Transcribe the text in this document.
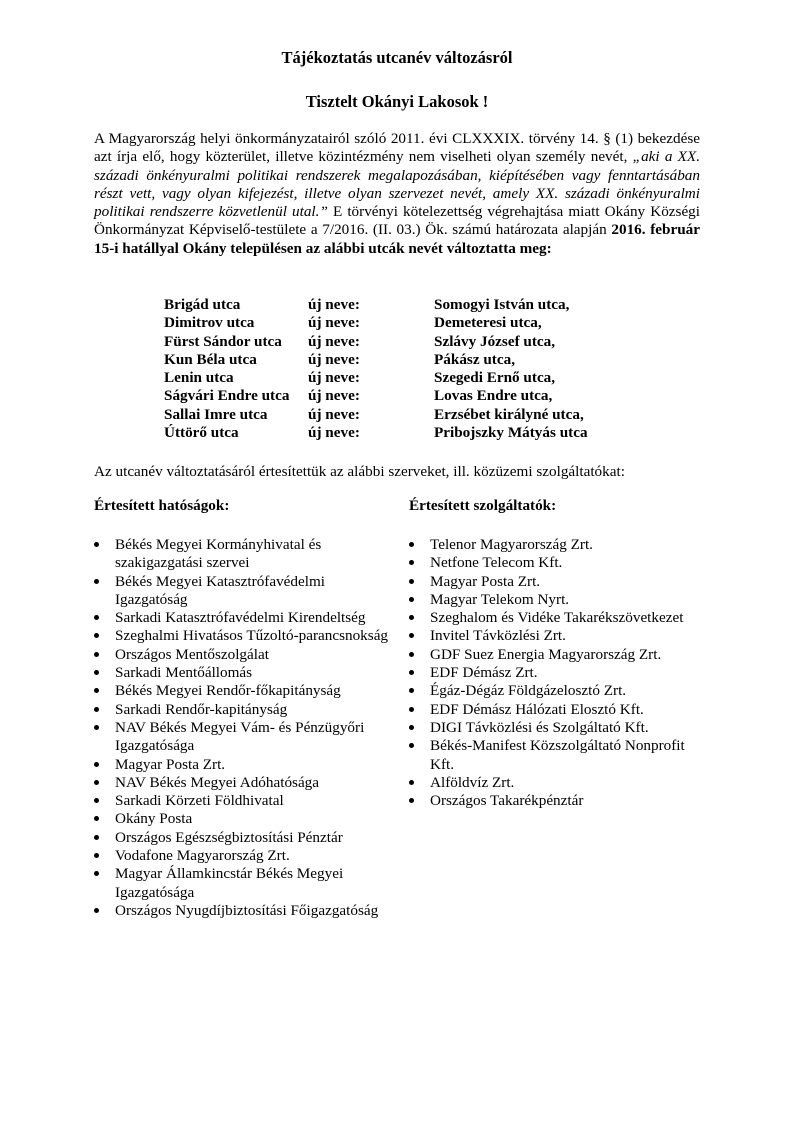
Tájékoztatás utcanév változásról
Tisztelt Okányi Lakosok !

A Magyarország helyi önkormányzatairól szóló 2011. évi CLXXXIX. törvény 14. § (1) bekezdése azt írja elő, hogy közterület, illetve közintézmény nem viselheti olyan személy nevét, „aki a XX. századi önkényuralmi politikai rendszerek megalapozásában, kiépítésében vagy fenntartásában részt vett, vagy olyan kifejezést, illetve olyan szervezet nevét, amely XX. századi önkényuralmi politikai rendszerre közvetlenül utal.” E törvényi kötelezettség végrehajtása miatt Okány Községi Önkormányzat Képviselő-testülete a 7/2016. (II. 03.) Ök. számú határozata alapján 2016. február 15-i hatállyal Okány településen az alábbi utcák nevét változtatta meg:

Brigád utca	új neve:	Somogyi István utca,
Dimitrov utca	új neve:	Demeteresi utca,
Fürst Sándor utca	új neve:	Szlávy József utca,
Kun Béla utca	új neve:	Pákász utca,
Lenin utca	új neve:	Szegedi Ernő utca,
Ságvári Endre utca	új neve:	Lovas Endre utca,
Sallai Imre utca	új neve:	Erzsébet királyné utca,
Úttörő utca	új neve:	Pribojszky Mátyás utca

Az utcanév változtatásáról értesítettük az alábbi szerveket, ill. közüzemi szolgáltatókat:

Értesített hatóságok:	Értesített szolgáltatók:

Békés Megyei Kormányhivatal és szakigazgatási szervei
Békés Megyei Katasztrófavédelmi Igazgatóság
Sarkadi Katasztrófavédelmi Kirendeltség
Szeghalmi Hivatásos Tűzoltó-parancsnokság
Országos Mentőszolgálat
Sarkadi Mentőállomás
Békés Megyei Rendőr-főkapitányság
Sarkadi Rendőr-kapitányság
NAV Békés Megyei Vám- és Pénzügyőri Igazgatósága
Magyar Posta Zrt.
NAV Békés Megyei Adóhatósága
Sarkadi Körzeti Földhivatal
Okány Posta
Országos Egészségbiztosítási Pénztár
Vodafone Magyarország Zrt.
Magyar Államkincstár Békés Megyei Igazgatósága
Országos Nyugdíjbiztosítási Főigazgatóság
Telenor Magyarország Zrt.
Netfone Telecom Kft.
Magyar Posta Zrt.
Magyar Telekom Nyrt.
Szeghalom és Vidéke Takarékszövetkezet
Invitel Távközlési Zrt.
GDF Suez Energia Magyarország Zrt.
EDF Démász Zrt.
Égáz-Dégáz Földgázelosztó Zrt.
EDF Démász Hálózati Elosztó Kft.
DIGI Távközlési és Szolgáltató Kft.
Békés-Manifest Közszolgáltató Nonprofit Kft.
Alföldvíz Zrt.
Országos Takarékpénztár
